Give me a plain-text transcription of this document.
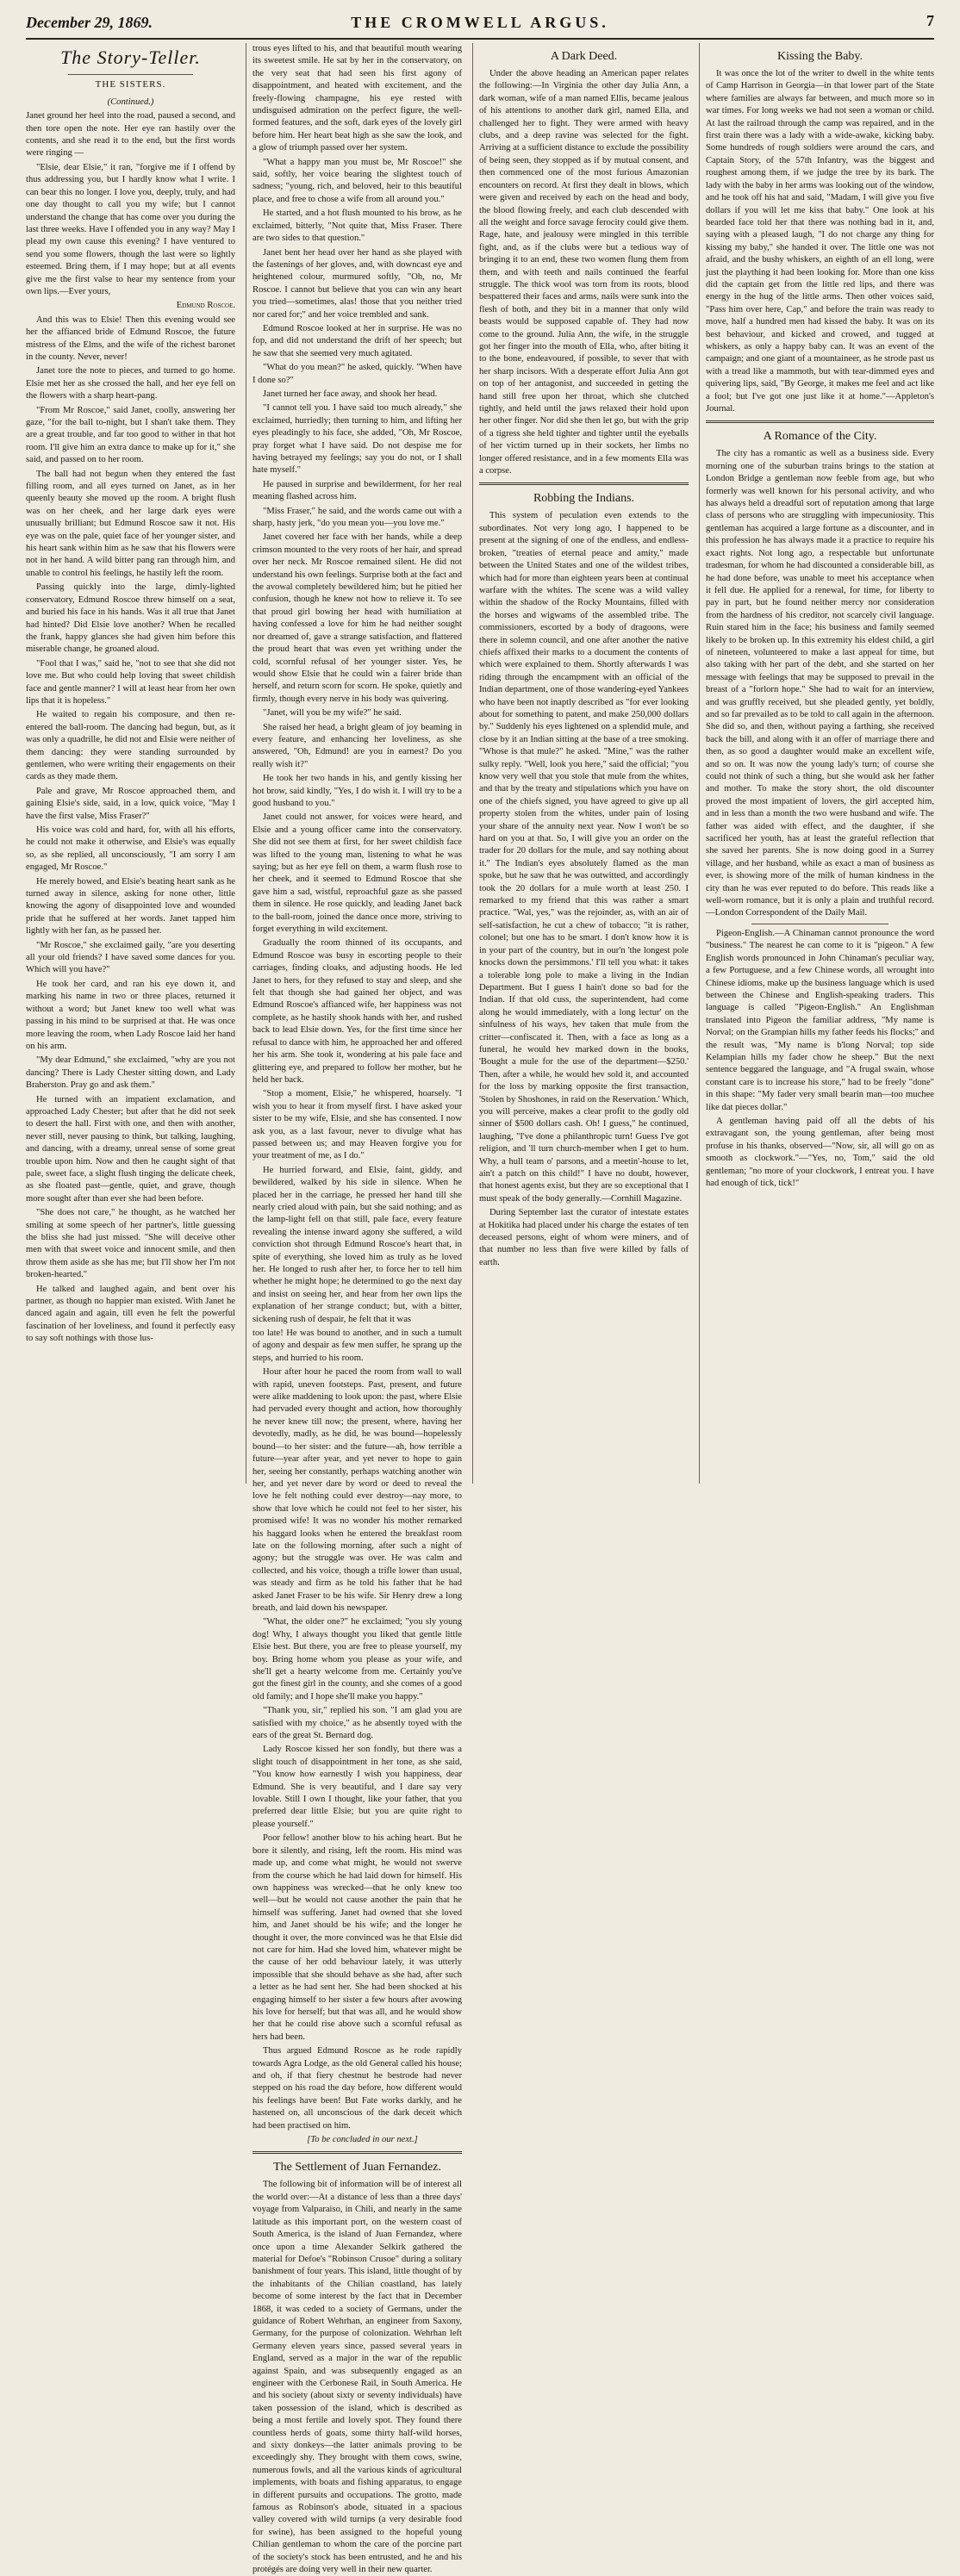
December 29, 1869.	THE CROMWELL ARGUS.	7
The Story-Teller.
THE SISTERS.

(Continued.)

Janet ground her heel into the road, paused a second, and then tore open the note. Her eye ran hastily over the contents, and she read it to the end, but the first words were ringing —

"Elsie, dear Elsie," it ran, "forgive me if I offend by thus addressing you, but I hardly know what I write. I can bear this no longer. I love you, deeply, truly, and had one day thought to call you my wife; but I cannot understand the change that has come over you during the last three weeks. Have I offended you in any way? May I plead my own cause this evening? I have ventured to send you some flowers, though the last were so lightly esteemed. Bring them, if I may hope; but at all events give me the first valse to hear my sentence from your own lips.—Ever yours,

Edmund Roscoe.

And this was to Elsie! Then this evening would see her the affianced bride of Edmund Roscoe, the future mistress of the Elms, and the wife of the richest baronet in the county. Never, never!

Janet tore the note to pieces, and turned to go home. Elsie met her as she crossed the hall, and her eye fell on the flowers with a sharp heart-pang.

"From Mr Roscoe," said Janet, coolly, answering her gaze, "for the ball to-night, but I shan't take them. They are a great trouble, and far too good to wither in that hot room. I'll give him an extra dance to make up for it," she said, and passed on to her room.

The ball had not begun when they entered the fast filling room, and all eyes turned on Janet, as in her queenly beauty she moved up the room. A bright flush was on her cheek, and her large dark eyes were unusually brilliant; but Edmund Roscoe saw it not. His eye was on the pale, quiet face of her younger sister, and his heart sank within him as he saw that his flowers were not in her hand. A wild bitter pang ran through him, and unable to control his feelings, he hastily left the room.

Passing quickly into the large, dimly-lighted conservatory, Edmund Roscoe threw himself on a seat, and buried his face in his hands. Was it all true that Janet had hinted? Did Elsie love another? When he recalled the frank, happy glances she had given him before this miserable change, he groaned aloud.

"Fool that I was," said he, "not to see that she did not love me. But who could help loving that sweet childish face and gentle manner? I will at least hear from her own lips that it is hopeless."

He waited to regain his composure, and then re-entered the ball-room. The dancing had begun, but, as it was only a quadrille, he did not and Elsie were neither of them dancing: they were standing surrounded by gentlemen, who were writing their engagements on their cards as they made them.

Pale and grave, Mr Roscoe approached them, and gaining Elsie's side, said, in a low, quick voice, "May I have the first valse, Miss Fraser?"

His voice was cold and hard, for, with all his efforts, he could not make it otherwise, and Elsie's was equally so, as she replied, all unconsciously, "I am sorry I am engaged, Mr Roscoe."

He merely bowed, and Elsie's beating heart sank as he turned away in silence, asking for none other, little knowing the agony of disappointed love and wounded pride that he suffered at her words. Janet tapped him lightly with her fan, as he passed her.

"Mr Roscoe," she exclaimed gaily, "are you deserting all your old friends? I have saved some dances for you. Which will you have?"

He took her card, and ran his eye down it, and marking his name in two or three places, returned it without a word; but Janet knew too well what was passing in his mind to be surprised at that. He was once more leaving the room, when Lady Roscoe laid her hand on his arm.

"My dear Edmund," she exclaimed, "why are you not dancing? There is Lady Chester sitting down, and Lady Braherston. Pray go and ask them."

He turned with an impatient exclamation, and approached Lady Chester; but after that he did not seek to desert the hall. First with one, and then with another, never still, never pausing to think, but talking, laughing, and dancing, with a dreamy, unreal sense of some great trouble upon him. Now and then he caught sight of that pale, sweet face, a slight flush tinging the delicate cheek, as she floated past—gentle, quiet, and grave, though more sought after than ever she had been before.

"She does not care," he thought, as he watched her smiling at some speech of her partner's, little guessing the bliss she had just missed. "She will deceive other men with that sweet voice and innocent smile, and then throw them aside as she has me; but I'll show her I'm not broken-hearted."

He talked and laughed again, and bent over his partner, as though no happier man existed. With Janet he danced again and again, till even he felt the powerful fascination of her loveliness, and found it perfectly easy to say soft nothings with those lus-

trous eyes lifted to his, and that beautiful mouth wearing its sweetest smile. He sat by her in the conservatory, on the very seat that had seen his first agony of disappointment, and heated with excitement, and the freely-flowing champagne, his eye rested with undisguised admiration on the perfect figure, the well-formed features, and the soft, dark eyes of the lovely girl before him. Her heart beat high as she saw the look, and a glow of triumph passed over her system.

"What a happy man you must be, Mr Roscoe!" she said, softly, her voice bearing the slightest touch of sadness; "young, rich, and beloved, heir to this beautiful place, and free to chose a wife from all around you."

He started, and a hot flush mounted to his brow, as he exclaimed, bitterly, "Not quite that, Miss Fraser. There are two sides to that question."

Janet bent her head over her hand as she played with the fastenings of her gloves, and, with downcast eye and heightened colour, murmured softly, "Oh, no, Mr Roscoe. I cannot but believe that you can win any heart you tried—sometimes, alas! those that you neither tried nor cared for;" and her voice trembled and sank.

Edmund Roscoe looked at her in surprise. He was no fop, and did not understand the drift of her speech; but he saw that she seemed very much agitated.

"What do you mean?" he asked, quickly. "When have I done so?"

Janet turned her face away, and shook her head.

"I cannot tell you. I have said too much already," she exclaimed, hurriedly; then turning to him, and lifting her eyes pleadingly to his face, she added, "Oh, Mr Roscoe, pray forget what I have said. Do not despise me for having betrayed my feelings; say you do not, or I shall hate myself."

He paused in surprise and bewilderment, for her real meaning flashed across him.

"Miss Fraser," he said, and the words came out with a sharp, hasty jerk, "do you mean you—you love me."

Janet covered her face with her hands, while a deep crimson mounted to the very roots of her hair, and spread over her neck. Mr Roscoe remained silent. He did not understand his own feelings. Surprise both at the fact and the avowal completely bewildered him; but he pitied her confusion, though he knew not how to relieve it. To see that proud girl bowing her head with humiliation at having confessed a love for him he had neither sought nor dreamed of, gave a strange satisfaction, and flattered the proud heart that was even yet writhing under the cold, scornful refusal of her younger sister. Yes, he would show Elsie that he could win a fairer bride than herself, and return scorn for scorn. He spoke, quietly and firmly, though every nerve in his body was quivering.

"Janet, will you be my wife?" he said.

She raised her head, a bright gleam of joy beaming in every feature, and enhancing her loveliness, as she answered, "Oh, Edmund! are you in earnest? Do you really wish it?"

He took her two hands in his, and gently kissing her hot brow, said kindly, "Yes, I do wish it. I will try to be a good husband to you."

Janet could not answer, for voices were heard, and Elsie and a young officer came into the conservatory. She did not see them at first, for her sweet childish face was lifted to the young man, listening to what he was saying; but as her eye fell on them, a warm flush rose to her cheek, and it seemed to Edmund Roscoe that she gave him a sad, wistful, reproachful gaze as she passed them in silence. He rose quickly, and leading Janet back to the ball-room, joined the dance once more, striving to forget everything in wild excitement.

Gradually the room thinned of its occupants, and Edmund Roscoe was busy in escorting people to their carriages, finding cloaks, and adjusting hoods. He led Janet to hers, for they refused to stay and sleep, and she felt that though she had gained her object, and was Edmund Roscoe's affianced wife, her happiness was not complete, as he hastily shook hands with her, and rushed back to lead Elsie down. Yes, for the first time since her refusal to dance with him, he approached her and offered her his arm. She took it, wondering at his pale face and glittering eye, and prepared to follow her mother, but he held her back.

"Stop a moment, Elsie," he whispered, hoarsely. "I wish you to hear it from myself first. I have asked your sister to be my wife, Elsie, and she has consented. I now ask you, as a last favour, never to divulge what has passed between us; and may Heaven forgive you for your treatment of me, as I do."

He hurried forward, and Elsie, faint, giddy, and bewildered, walked by his side in silence. When he placed her in the carriage, he pressed her hand till she nearly cried aloud with pain, but she said nothing; and as the lamp-light fell on that still, pale face, every feature revealing the intense inward agony she suffered, a wild conviction shot through Edmund Roscoe's heart that, in spite of everything, she loved him as truly as he loved her. He longed to rush after her, to force her to tell him whether he might hope; he determined to go the next day and insist on seeing her, and hear from her own lips the explanation of her strange conduct; but, with a bitter, sickening rush of despair, he felt that it was

too late! He was bound to another, and in such a tumult of agony and despair as few men suffer, he sprang up the steps, and hurried to his room.

Hour after hour he paced the room from wall to wall with rapid, uneven footsteps. Past, present, and future were alike maddening to look upon: the past, where Elsie had pervaded every thought and action, how thoroughly he never knew till now; the present, where, having her devotedly, madly, as he did, he was bound—hopelessly bound—to her sister: and the future—ah, how terrible a future—year after year, and yet never to hope to gain her, seeing her constantly, perhaps watching another win her, and yet never dare by word or deed to reveal the love he felt nothing could ever destroy—nay more, to show that love which he could not feel to her sister, his promised wife! It was no wonder his mother remarked his haggard looks when he entered the breakfast room late on the following morning, after such a night of agony; but the struggle was over. He was calm and collected, and his voice, though a trifle lower than usual, was steady and firm as he told his father that he had asked Janet Fraser to be his wife. Sir Henry drew a long breath, and laid down his newspaper.

"What, the older one?" he exclaimed; "you sly young dog! Why, I always thought you liked that gentle little Elsie best. But there, you are free to please yourself, my boy. Bring home whom you please as your wife, and she'll get a hearty welcome from me. Certainly you've got the finest girl in the county, and she comes of a good old family; and I hope she'll make you happy."

"Thank you, sir," replied his son. "I am glad you are satisfied with my choice," as he absently toyed with the ears of the great St. Bernard dog.

Lady Roscoe kissed her son fondly, but there was a slight touch of disappointment in her tone, as she said, "You know how earnestly I wish you happiness, dear Edmund. She is very beautiful, and I dare say very lovable. Still I own I thought, like your father, that you preferred dear little Elsie; but you are quite right to please yourself."

Poor fellow! another blow to his aching heart. But he bore it silently, and rising, left the room. His mind was made up, and come what might, he would not swerve from the course which he had laid down for himself. His own happiness was wrecked—that he only knew too well—but he would not cause another the pain that he himself was suffering. Janet had owned that she loved him, and Janet should be his wife; and the longer he thought it over, the more convinced was he that Elsie did not care for him. Had she loved him, whatever might be the cause of her odd behaviour lately, it was utterly impossible that she should behave as she had, after such a letter as he had sent her. She had been shocked at his engaging himself to her sister a few hours after avowing his love for herself; but that was all, and he would show her that he could rise above such a scornful refusal as hers had been.

Thus argued Edmund Roscoe as he rode rapidly towards Agra Lodge, as the old General called his house; and oh, if that fiery chestnut he bestrode had never stepped on his road the day before, how different would his feelings have been! But Fate works darkly, and he hastened on, all unconscious of the dark deceit which had been practised on him.

[To be concluded in our next.]

The Settlement of Juan Fernandez.

The following bit of information will be of interest all the world over:—At a distance of less than a three days' voyage from Valparaiso, in Chili, and nearly in the same latitude as this important port, on the western coast of South America, is the island of Juan Fernandez, where once upon a time Alexander Selkirk gathered the material for Defoe's "Robinson Crusoe" during a solitary banishment of four years. This island, little thought of by the inhabitants of the Chilian coastland, has lately become of some interest by the fact that in December 1868, it was ceded to a society of Germans, under the guidance of Robert Wehrhan, an engineer from Saxony, Germany, for the purpose of colonization. Wehrhan left Germany eleven years since, passed several years in England, served as a major in the war of the republic against Spain, and was subsequently engaged as an engineer with the Cerbonese Rail, in South America. He and his society (about sixty or seventy individuals) have taken possession of the island, which is described as being a most fertile and lovely spot. They found there countless herds of goats, some thirty half-wild horses, and sixty donkeys—the latter animals proving to be exceedingly shy. They brought with them cows, swine, numerous fowls, and all the various kinds of agricultural implements, with boats and fishing apparatus, to engage in different pursuits and occupations. The grotto, made famous as Robinson's abode, situated in a spacious valley covered with wild turnips (a very desirable food for swine), has been assigned to the hopeful young Chilian gentleman to whom the care of the porcine part of the society's stock has been entrusted, and he and his protégés are doing very well in their new quarter.

A Dark Deed.

Under the above heading an American paper relates the following:—In Virginia the other day Julia Ann, a dark woman, wife of a man named Ellis, became jealous of his attentions to another dark girl, named Ella, and challenged her to fight. They were armed with heavy clubs, and a deep ravine was selected for the fight. Arriving at a sufficient distance to exclude the possibility of being seen, they stopped as if by mutual consent, and then commenced one of the most furious Amazonian encounters on record. At first they dealt in blows, which were given and received by each on the head and body, the blood flowing freely, and each club descended with all the weight and force savage ferocity could give them. Rage, hate, and jealousy were mingled in this terrible fight, and, as if the clubs were but a tedious way of bringing it to an end, these two women flung them from them, and with teeth and nails continued the fearful struggle. The thick wool was torn from its roots, blood bespattered their faces and arms, nails were sunk into the flesh of both, and they bit in a manner that only wild beasts would be supposed capable of. They had now come to the ground. Julia Ann, the wife, in the struggle got her finger into the mouth of Ella, who, after biting it to the bone, endeavoured, if possible, to sever that with her sharp incisors. With a desperate effort Julia Ann got on top of her antagonist, and succeeded in getting the hand still free upon her throat, which she clutched tightly, and held until the jaws relaxed their hold upon her other finger. Nor did she then let go, but with the grip of a tigress she held tighter and tighter until the eyeballs of her victim turned up in their sockets, her limbs no longer offered resistance, and in a few moments Ella was a corpse.

Robbing the Indians.

This system of peculation even extends to the subordinates. Not very long ago, I happened to be present at the signing of one of the endless, and endless-broken, "treaties of eternal peace and amity," made between the United States and one of the wildest tribes, which had for more than eighteen years been at continual warfare with the whites. The scene was a wild valley within the shadow of the Rocky Mountains, filled with the horses and wigwams of the assembled tribe. The commissioners, escorted by a body of dragoons, were there in solemn council, and one after another the native chiefs affixed their marks to a document the contents of which were explained to them. Shortly afterwards I was riding through the encampment with an official of the Indian department, one of those wandering-eyed Yankees who have been not inaptly described as "for ever looking about for something to patent, and make 250,000 dollars by." Suddenly his eyes lightened on a splendid mule, and close by it an Indian sitting at the base of a tree smoking. "Whose is that mule?" he asked. "Mine," was the rather sulky reply. "Well, look you here," said the official; "you know very well that you stole that mule from the whites, and that by the treaty and stipulations which you have on one of the chiefs signed, you have agreed to give up all property stolen from the whites, under pain of losing your share of the annuity next year. Now I won't be so hard on you at that. So, I will give you an order on the trader for 20 dollars for the mule, and say nothing about it." The Indian's eyes absolutely flamed as the man spoke, but he saw that he was outwitted, and accordingly took the 20 dollars for a mule worth at least 250. I remarked to my friend that this was rather a smart practice. "Wal, yes," was the rejoinder, as, with an air of self-satisfaction, he cut a chew of tobacco; "it is rather, colonel; but one has to be smart. I don't know how it is in your part of the country, but in our'n 'the longest pole knocks down the persimmons.' I'll tell you what: it takes a tolerable long pole to make a living in the Indian Department. But I guess I hain't done so bad for the Indian. If that old cuss, the superintendent, had come along he would immediately, with a long lectur' on the sinfulness of his ways, hev taken that mule from the critter—confiscated it. Then, with a face as long as a funeral, he would hev marked down in the books, 'Bought a mule for the use of the department—$250.' Then, after a while, he would hev sold it, and accounted for the loss by marking opposite the first transaction, 'Stolen by Shoshones, in raid on the Reservation.' Which, you will perceive, makes a clear profit to the godly old sinner of $500 dollars cash. Oh! I guess," he continued, laughing, "I've done a philanthropic turn! Guess I've got religion, and 'll turn church-member when I get to hum. Why, a hull team o' parsons, and a meetin'-house to let, ain't a patch on this child!" I have no doubt, however, that honest agents exist, but they are so exceptional that I must speak of the body generally.—Cornhill Magazine.

During September last the curator of intestate estates at Hokitika had placed under his charge the estates of ten deceased persons, eight of whom were miners, and of that number no less than five were killed by falls of earth.

Kissing the Baby.

It was once the lot of the writer to dwell in the white tents of Camp Harrison in Georgia—in that lower part of the State where families are always far between, and much more so in war times. For long weeks we had not seen a woman or child. At last the railroad through the camp was repaired, and in the first train there was a lady with a wide-awake, kicking baby. Some hundreds of rough soldiers were around the cars, and Captain Story, of the 57th Infantry, was the biggest and roughest among them, if we judge the tree by its bark. The lady with the baby in her arms was looking out of the window, and he took off his hat and said, "Madam, I will give you five dollars if you will let me kiss that baby." One look at his bearded face told her that there was nothing bad in it, and, saying with a pleased laugh, "I do not charge any thing for kissing my baby," she handed it over. The little one was not afraid, and the bushy whiskers, an eighth of an ell long, were just the plaything it had been looking for. More than one kiss did the captain get from the little red lips, and there was energy in the hug of the little arms. Then other voices said, "Pass him over here, Cap," and before the train was ready to move, half a hundred men had kissed the baby. It was on its best behaviour, and kicked and crowed, and tugged at whiskers, as only a happy baby can. It was an event of the campaign; and one giant of a mountaineer, as he strode past us with a tread like a mammoth, but with tear-dimmed eyes and quivering lips, said, "By George, it makes me feel and act like a fool; but I've got one just like it at home."—Appleton's Journal.

A Romance of the City.

The city has a romantic as well as a business side. Every morning one of the suburban trains brings to the station at London Bridge a gentleman now feeble from age, but who formerly was well known for his personal activity, and who has always held a dreadful sort of reputation among that large class of persons who are struggling with impecuniosity. This gentleman has acquired a large fortune as a discounter, and in this profession he has always made it a practice to require his exact rights. Not long ago, a respectable but unfortunate tradesman, for whom he had discounted a considerable bill, as he had done before, was unable to meet his acceptance when it fell due. He applied for a renewal, for time, for liberty to pay in part, but he found neither mercy nor consideration from the hardness of his creditor, not scarcely civil language. Ruin stared him in the face; his business and family seemed likely to be broken up. In this extremity his eldest child, a girl of nineteen, volunteered to make a last appeal for time, but also taking with her part of the debt, and she started on her message with feelings that may be supposed to prevail in the breast of a "forlorn hope." She had to wait for an interview, and was gruffly received, but she pleaded gently, yet boldly, and so far prevailed as to be told to call again in the afternoon. She did so, and then, without paying a farthing, she received back the bill, and along with it an offer of marriage there and then, as so good a daughter would make an excellent wife, and so on. It was now the young lady's turn; of course she could not think of such a thing, but she would ask her father and mother. To make the story short, the old discounter proved the most impatient of lovers, the girl accepted him, and in less than a month the two were husband and wife. The father was aided with effect, and the daughter, if she sacrificed her youth, has at least the grateful reflection that she saved her parents. She is now doing good in a Surrey village, and her husband, while as exact a man of business as ever, is showing more of the milk of human kindness in the city than he was ever reputed to do before. This reads like a well-worn romance, but it is only a plain and truthful record.—London Correspondent of the Daily Mail.

Pigeon-English.—A Chinaman cannot pronounce the word "business." The nearest he can come to it is "pigeon." A few English words pronounced in John Chinaman's peculiar way, a few Portuguese, and a few Chinese words, all wrought into Chinese idioms, make up the business language which is used between the Chinese and English-speaking traders. This language is called "Pigeon-English." An Englishman translated into Pigeon the familiar address, "My name is Norval; on the Grampian hills my father feeds his flocks;" and the result was, "My name is b'long Norval; top side Kelampian hills my fader chow he sheep." But the next sentence beggared the language, and "A frugal swain, whose constant care is to increase his store," had to be freely "done" in this shape: "My fader very small bearin man—too muchee like dat pieces dollar."

A gentleman having paid off all the debts of his extravagant son, the young gentleman, after being most profuse in his thanks, observed—"Now, sir, all will go on as smooth as clockwork."—"Yes, no, Tom," said the old gentleman; "no more of your clockwork, I entreat you. I have had enough of tick, tick!"
